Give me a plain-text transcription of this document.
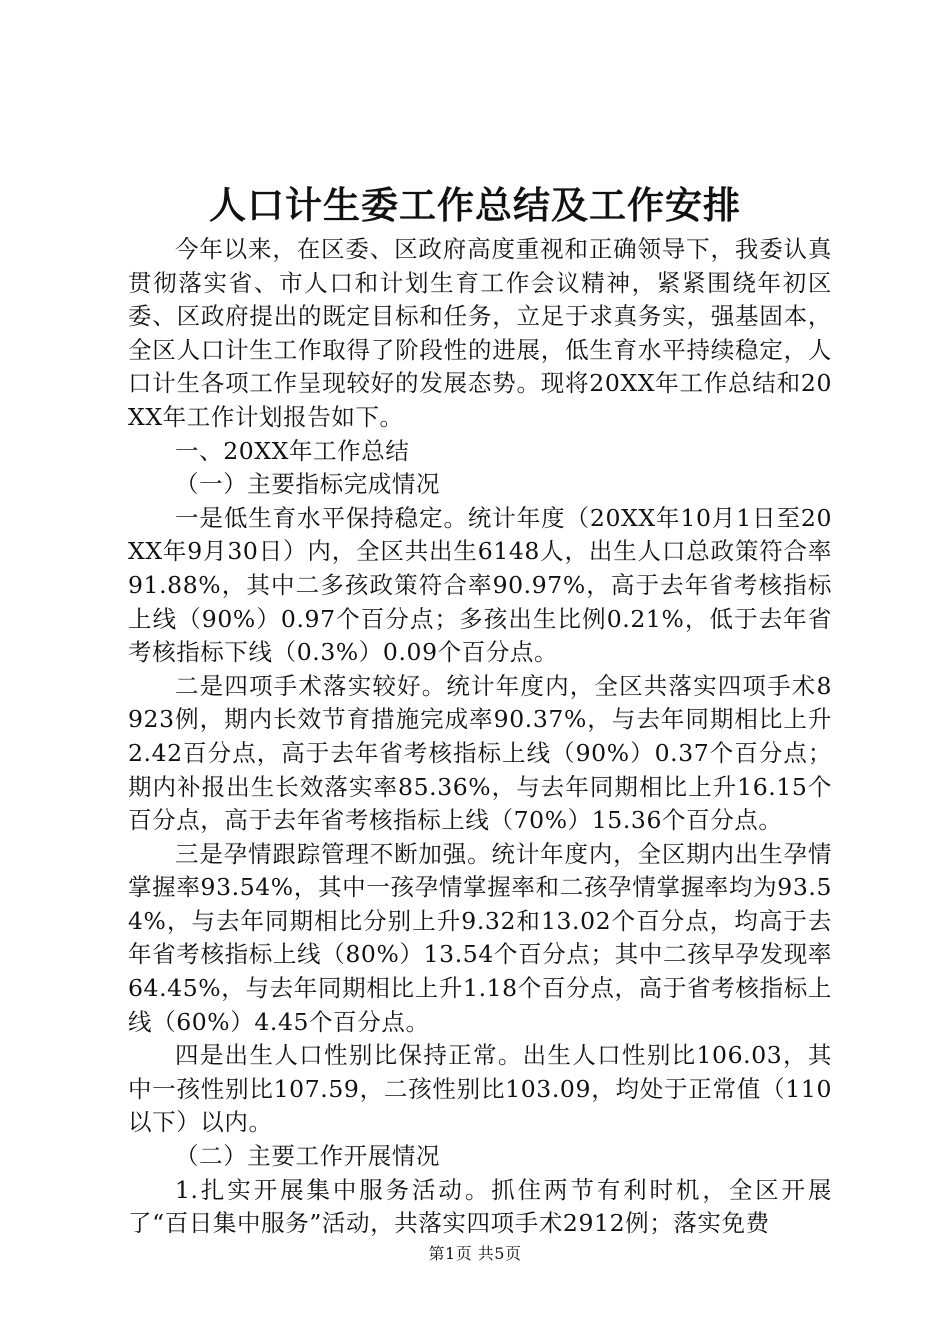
人口计生委工作总结及工作安排

今年以来，在区委、区政府高度重视和正确领导下，我委认真贯彻落实省、市人口和计划生育工作会议精神，紧紧围绕年初区委、区政府提出的既定目标和任务，立足于求真务实，强基固本，全区人口计生工作取得了阶段性的进展，低生育水平持续稳定，人口计生各项工作呈现较好的发展态势。现将20XX年工作总结和20XX年工作计划报告如下。

一、20XX年工作总结

（一）主要指标完成情况

一是低生育水平保持稳定。统计年度（20XX年10月1日至20XX年9月30日）内，全区共出生6148人，出生人口总政策符合率91.88%，其中二多孩政策符合率90.97%，高于去年省考核指标上线（90%）0.97个百分点；多孩出生比例0.21%，低于去年省考核指标下线（0.3%）0.09个百分点。

二是四项手术落实较好。统计年度内，全区共落实四项手术8923例，期内长效节育措施完成率90.37%，与去年同期相比上升2.42百分点，高于去年省考核指标上线（90%）0.37个百分点；期内补报出生长效落实率85.36%，与去年同期相比上升16.15个百分点，高于去年省考核指标上线（70%）15.36个百分点。

三是孕情跟踪管理不断加强。统计年度内，全区期内出生孕情掌握率93.54%，其中一孩孕情掌握率和二孩孕情掌握率均为93.54%，与去年同期相比分别上升9.32和13.02个百分点，均高于去年省考核指标上线（80%）13.54个百分点；其中二孩早孕发现率64.45%，与去年同期相比上升1.18个百分点，高于省考核指标上线（60%）4.45个百分点。

四是出生人口性别比保持正常。出生人口性别比106.03，其中一孩性别比107.59，二孩性别比103.09，均处于正常值（110以下）以内。

（二）主要工作开展情况

1.扎实开展集中服务活动。抓住两节有利时机，全区开展了“百日集中服务”活动，共落实四项手术2912例；落实免费

第1页 共5页
